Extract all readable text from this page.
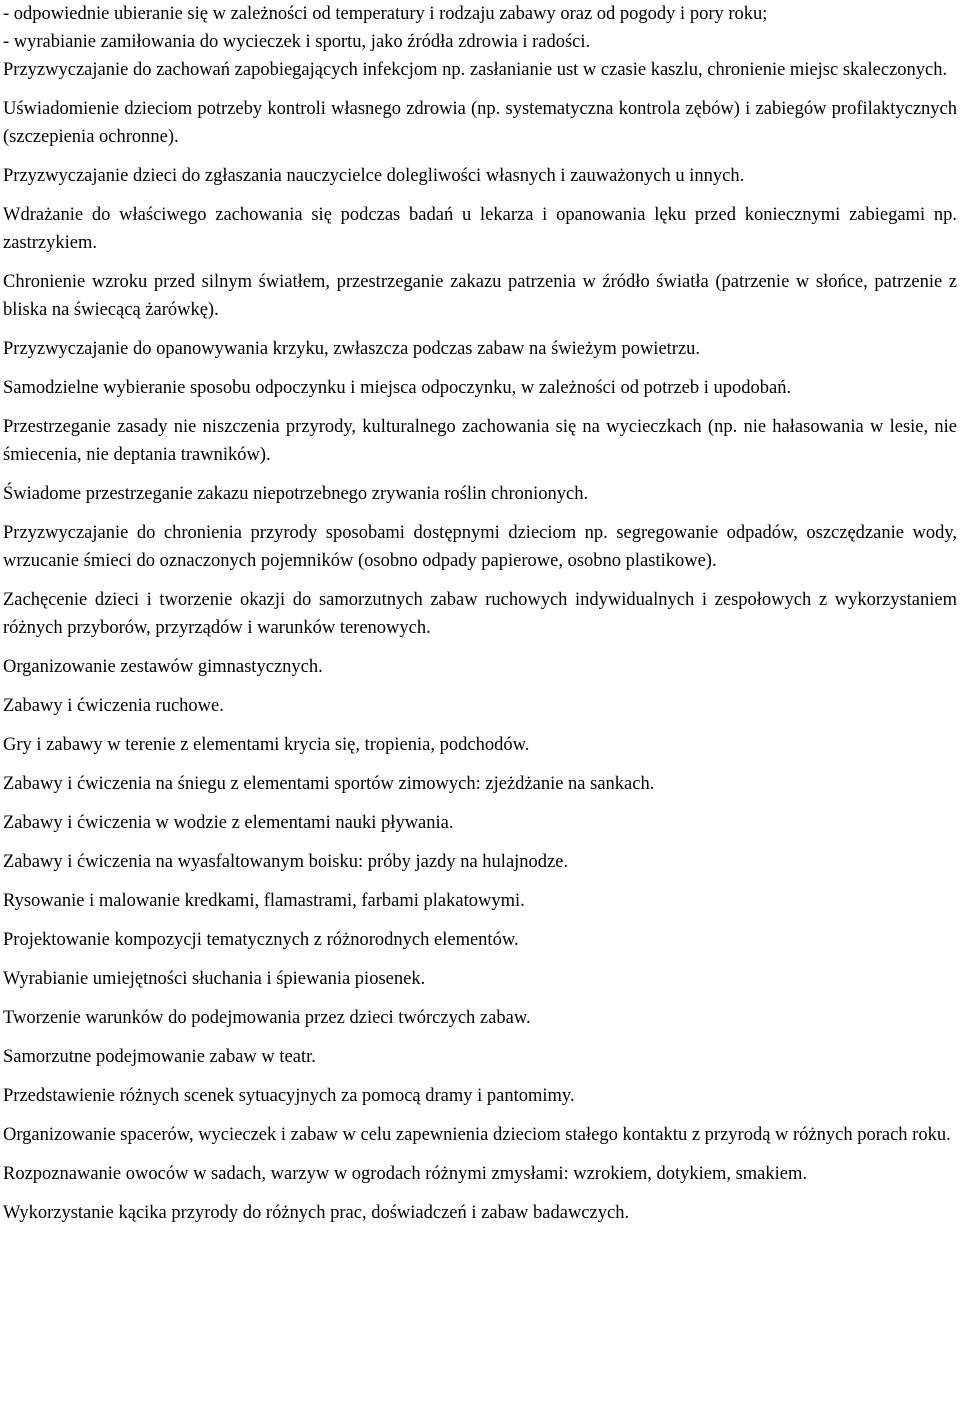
- odpowiednie ubieranie się w zależności od temperatury i rodzaju zabawy oraz od pogody i pory roku;

- wyrabianie zamiłowania do wycieczek i sportu, jako źródła zdrowia i radości.

Przyzwyczajanie do zachowań zapobiegających infekcjom np. zasłanianie ust w czasie kaszlu, chronienie miejsc skaleczonych.

Uświadomienie dzieciom potrzeby kontroli własnego zdrowia (np. systematyczna kontrola zębów) i zabiegów profilaktycznych (szczepienia ochronne).

Przyzwyczajanie dzieci do zgłaszania nauczycielce dolegliwości własnych i zauważonych u innych.

Wdrażanie do właściwego zachowania się podczas badań u lekarza i opanowania lęku przed koniecznymi zabiegami np. zastrzykiem.

Chronienie wzroku przed silnym światłem, przestrzeganie zakazu patrzenia w źródło światła (patrzenie w słońce, patrzenie z bliska na świecącą żarówkę).

Przyzwyczajanie do opanowywania krzyku, zwłaszcza podczas zabaw na świeżym powietrzu.

Samodzielne wybieranie sposobu odpoczynku i miejsca odpoczynku, w zależności od potrzeb i upodobań.

Przestrzeganie zasady nie niszczenia przyrody, kulturalnego zachowania się na wycieczkach (np. nie hałasowania w lesie, nie śmiecenia, nie deptania trawników).

Świadome przestrzeganie zakazu niepotrzebnego zrywania roślin chronionych.

Przyzwyczajanie do chronienia przyrody sposobami dostępnymi dzieciom np. segregowanie odpadów, oszczędzanie wody, wrzucanie śmieci do oznaczonych pojemników (osobno odpady papierowe, osobno plastikowe).

Zachęcenie dzieci i tworzenie okazji do samorzutnych zabaw ruchowych indywidualnych i zespołowych z wykorzystaniem różnych przyborów, przyrządów i warunków terenowych.

Organizowanie zestawów gimnastycznych.

Zabawy i ćwiczenia ruchowe.

Gry i zabawy w terenie z elementami krycia się, tropienia, podchodów.

Zabawy i ćwiczenia na śniegu z elementami sportów zimowych: zjeżdżanie na sankach.

Zabawy i ćwiczenia w wodzie z elementami nauki pływania.

Zabawy i ćwiczenia na wyasfaltowanym boisku: próby jazdy na hulajnodze.

Rysowanie i malowanie kredkami, flamastrami, farbami plakatowymi.

Projektowanie kompozycji tematycznych z różnorodnych elementów.

Wyrabianie umiejętności słuchania i śpiewania piosenek.

Tworzenie warunków do podejmowania przez dzieci twórczych zabaw.

Samorzutne podejmowanie zabaw w teatr.

Przedstawienie różnych scenek sytuacyjnych za pomocą dramy i pantomimy.

Organizowanie spacerów, wycieczek i zabaw w celu zapewnienia dzieciom stałego kontaktu z przyrodą w różnych porach roku.

Rozpoznawanie owoców w sadach, warzyw w ogrodach różnymi zmysłami: wzrokiem, dotykiem, smakiem.

Wykorzystanie kącika przyrody do różnych prac, doświadczeń i zabaw badawczych.
